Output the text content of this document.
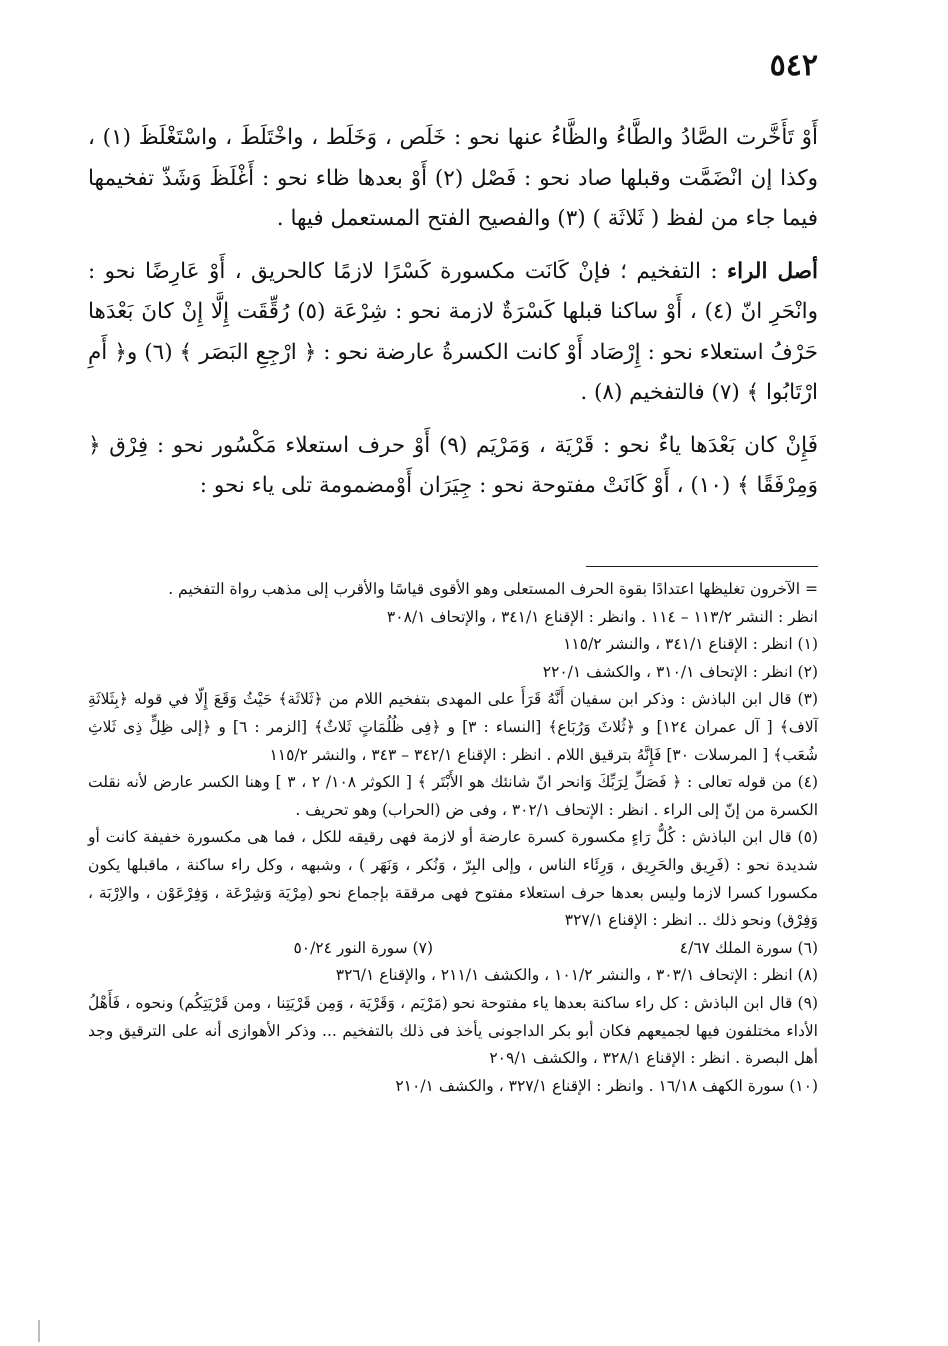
٥٤٢

أَوْ تَأَخَّرت الصَّادُ والطَّاءُ والظَّاءُ عنها نحو : خَلَص ، وَخَلَط ، واخْتَلَطَ ، واسْتَغْلَظَ (١) ، وكذا إن انْضَمَّت وقبلها صاد نحو : فَصْل (٢) أَوْ بعدها ظاء نحو : أَغْلَظَ وَشَذّ تفخيمها فيما جاء من لفظ ( ثَلاثَة ) (٣) والفصيح الفتح المستعمل فيها .

أصل الراء : التفخيم ؛ فإنْ كَانَت مكسورة كَسْرًا لازمًا كالحريق ، أَوْ عَارِضًا نحو : وانْحَرِ انّ (٤) ، أَوْ ساكنا قبلها كَسْرَةٌ لازمة نحو : شِرْعَة (٥) رُقِّقَت إِلَّا إِنْ كانَ بَعْدَها حَرْفُ استعلاء نحو : إِرْصَاد أَوْ كانت الكسرةُ عارضة نحو : ﴿ ارْجِعِ البَصَر ﴾ (٦) و﴿ أَمِ ارْتَابُوا ﴾ (٧) فالتفخيم (٨) .

فَإِنْ كان بَعْدَها ياءٌ نحو : قَرْيَة ، وَمَرْيَم (٩) أَوْ حرف استعلاء مَكْسُور نحو : فِرْق ﴿ وَمِرْفَقًا ﴾ (١٠) ، أَوْ كَانَتْ مفتوحة نحو : جِيَرَان أَوْمضمومة تلى ياء نحو :

= الآخرون تغليظها اعتدادًا بقوة الحرف المستعلى وهو الأقوى قياسًا والأقرب إلى مذهب رواة التفخيم .

انظر : النشر ١١٣/٢ – ١١٤ . وانظر : الإقناع ٣٤١/١ ، والإتحاف ٣٠٨/١

(١) انظر : الإقناع ٣٤١/١ ، والنشر ١١٥/٢

(٢) انظر : الإتحاف ٣١٠/١ ، والكشف ٢٢٠/١

(٣) قال ابن الباذش : وذكر ابن سفيان أَنَّهُ قَرَأَ على المهدى بتفخيم اللام من ﴿ثَلاثَة﴾ حَيْثُ وَقَعَ إِلّا في قوله ﴿بِثَلاثَةِ آلاف﴾ [ آل عمران ١٢٤] و ﴿ثُلاثَ وَرُبَاع﴾ [النساء : ٣] و ﴿فِى ظُلُمَاتٍ ثَلاثٌ﴾ [الزمر : ٦] و ﴿إلى ظِلٍّ ذِى ثَلاثِ شُعَب﴾ [ المرسلات ٣٠] فَإِنَّهُ بترقيق اللام . انظر : الإقناع ٣٤٢/١ – ٣٤٣ ، والنشر ١١٥/٢

(٤) من قوله تعالى : ﴿ فَصَلِّ لِرَبِّكَ وَانحر انّ شانئك هو الأَبْتَر ﴾ [ الكوثر ١٠٨/ ٢ ، ٣ ] وهنا الكسر عارض لأنه نقلت الكسرة من إنّ إلى الراء . انظر : الإتحاف ٣٠٢/١ ، وفى ض (الحراب) وهو تحريف .

(٥) قال ابن الباذش : كُلُّ رَاءٍ مكسورة كسرة عارضة أو لازمة فهى رقيقه للكل ، فما هى مكسورة خفيفة كانت أو شديدة نحو : (فَرِيق والحَرِيق ، وَرِئَاء الناس ، وإلى البِرّ ، وَنُكر ، وَنَهَر ) ، وشبهه ، وكل راء ساكنة ، ماقبلها يكون مكسورا كسرا لازما وليس بعدها حرف استعلاء مفتوح فهى مرققة بإجماع نحو (مِرْيَة وَشِرْعَة ، وَفِرْعَوْن ، والاِرْبَة ، وَفِرْق) ونحو ذلك .. انظر : الإقناع ٣٢٧/١

(٦) سورة الملك ٤/٦٧
(٧) سورة النور ٥٠/٢٤

(٨) انظر : الإتحاف ٣٠٣/١ ، والنشر ١٠١/٢ ، والكشف ٢١١/١ ، والإقناع ٣٢٦/١

(٩) قال ابن الباذش : كل راء ساكنة بعدها ياء مفتوحة نحو (مَرْيَم ، وَقَرْيَة ، وَمِن قَرْيَتِنا ، ومن قَرْيَتِكُم) ونحوه ، فَأَهْلُ الأداء مختلفون فيها لجميعهم فكان أبو بكر الداجونى يأخذ فى ذلك بالتفخيم ... وذكر الأهوازى أنه على الترقيق وجد أهل البصرة . انظر : الإقناع ٣٢٨/١ ، والكشف ٢٠٩/١

(١٠) سورة الكهف ١٦/١٨ . وانظر : الإقناع ٣٢٧/١ ، والكشف ٢١٠/١
